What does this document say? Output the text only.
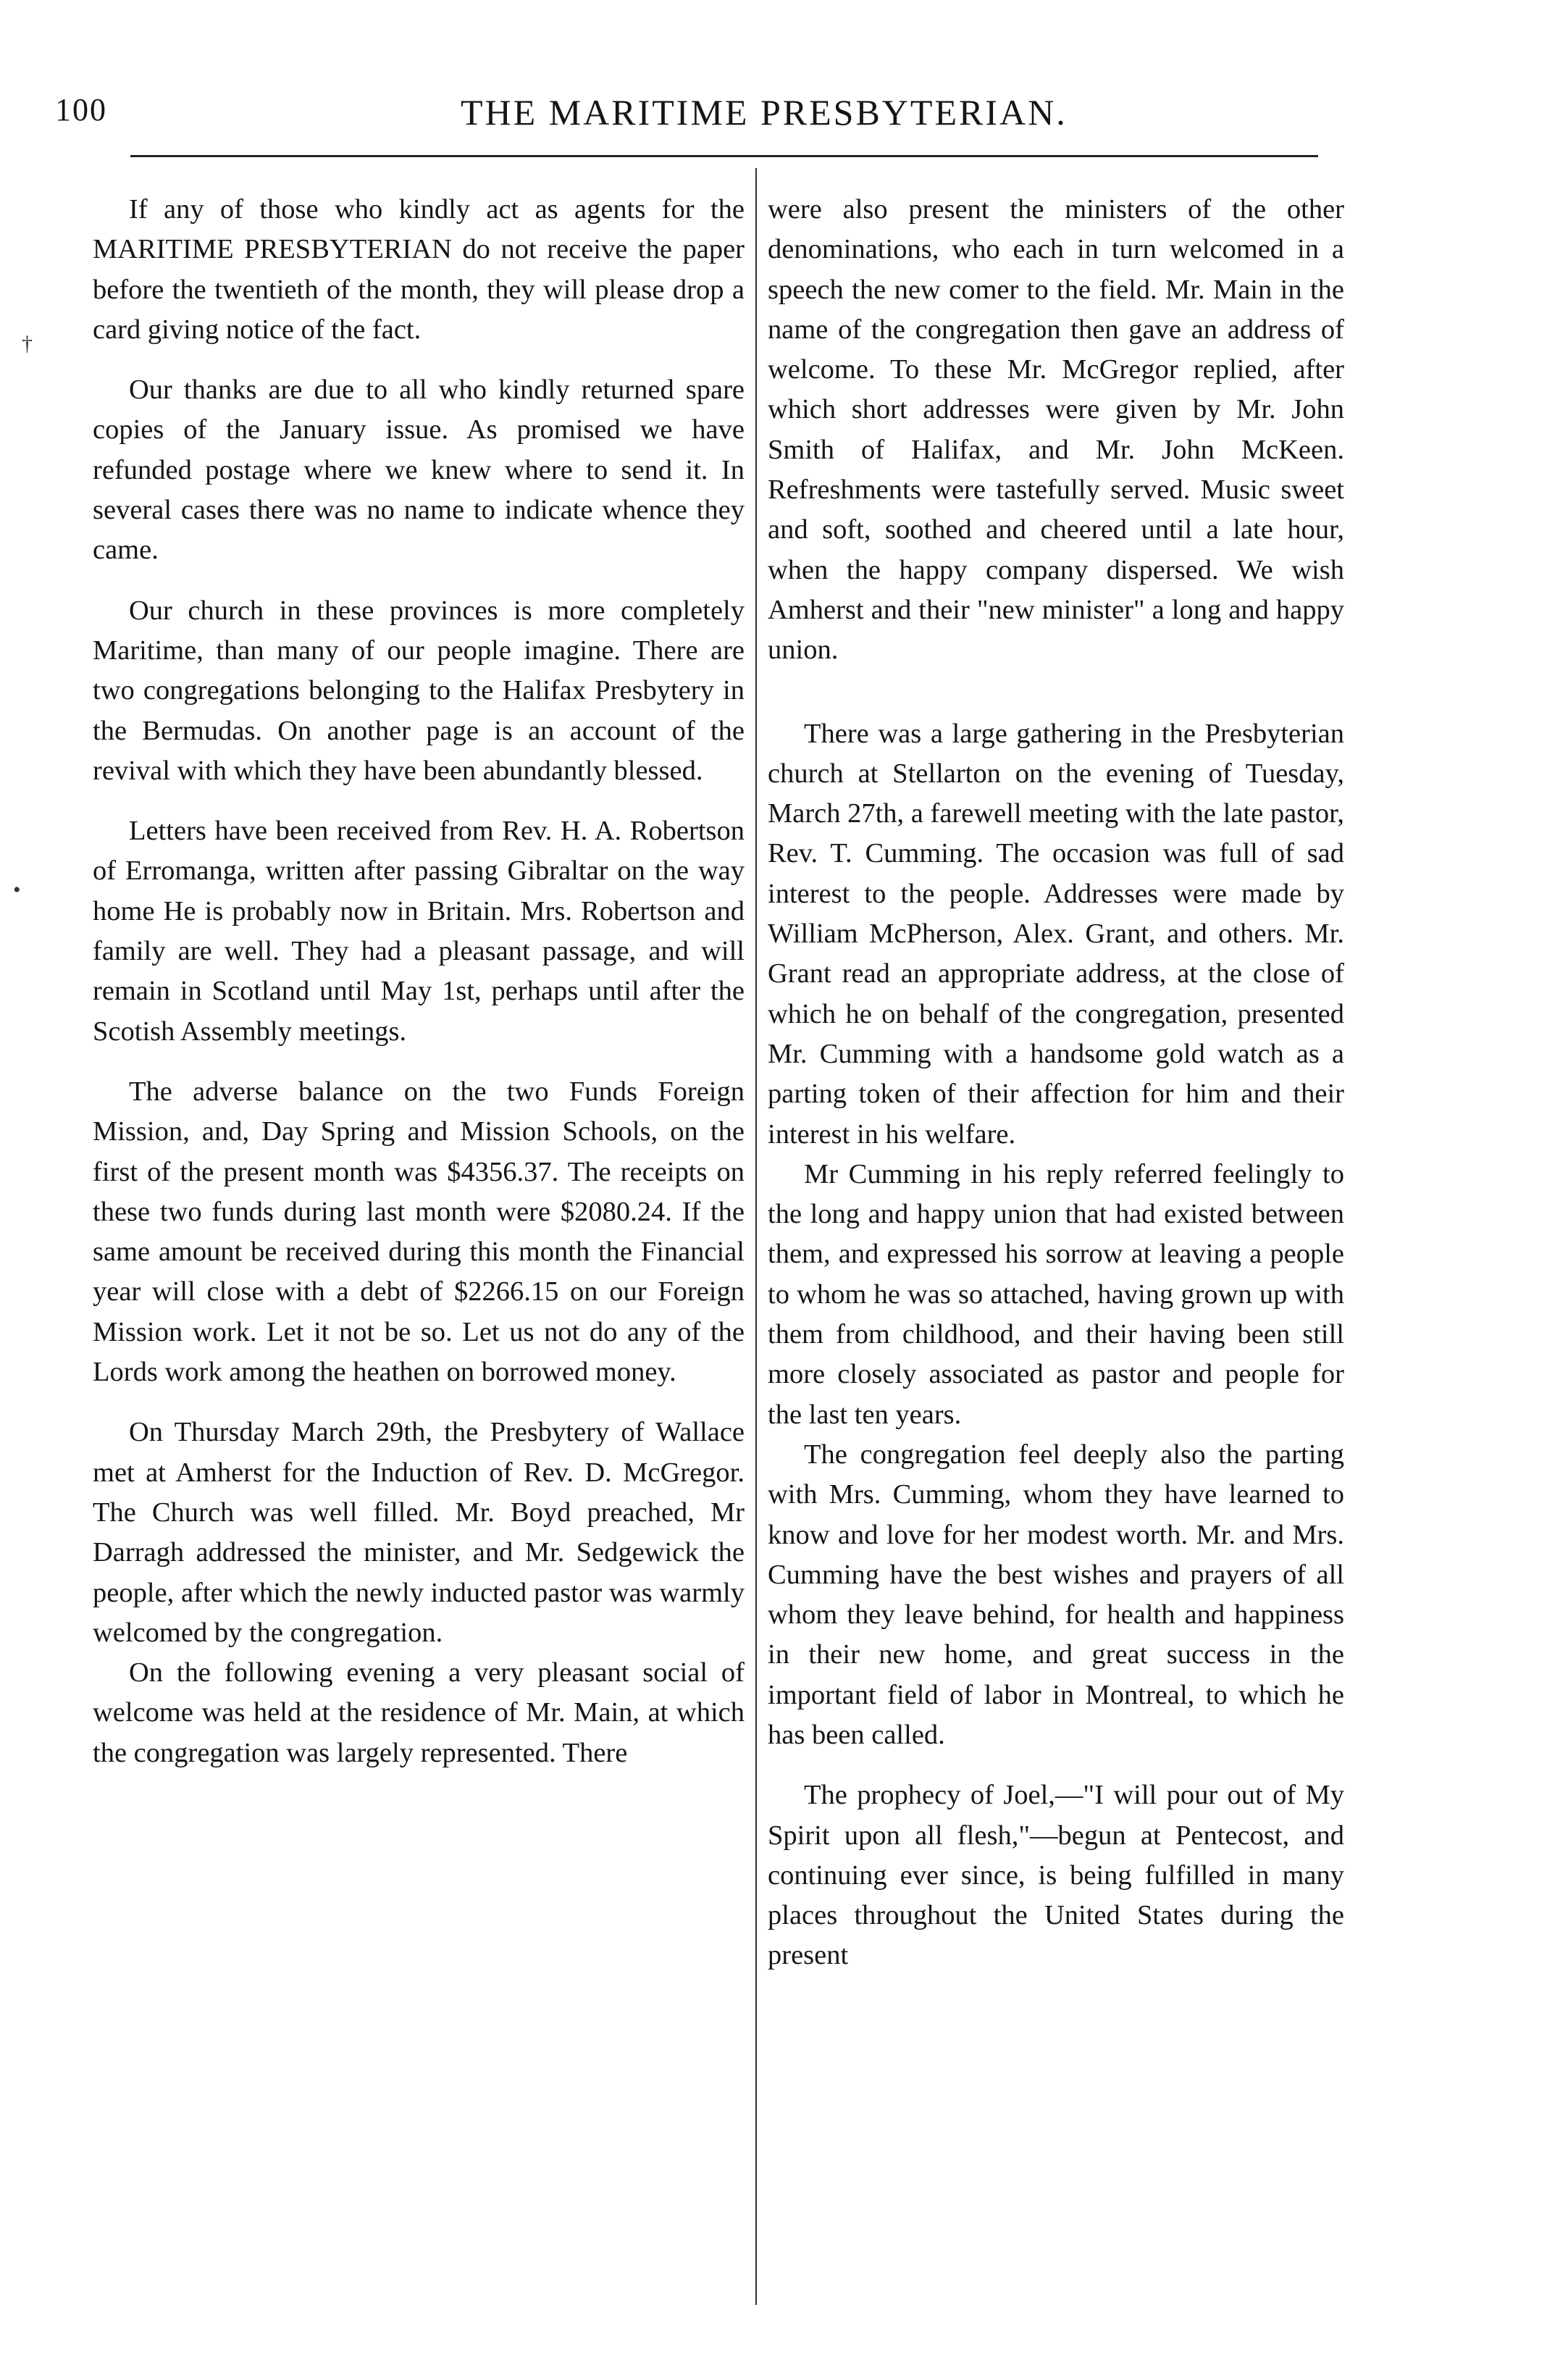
100	THE MARITIME PRESBYTERIAN.

If any of those who kindly act as agents for the MARITIME PRESBYTERIAN do not receive the paper before the twentieth of the month, they will please drop a card giving notice of the fact.

Our thanks are due to all who kindly returned spare copies of the January issue. As promised we have refunded postage where we knew where to send it. In several cases there was no name to indicate whence they came.

Our church in these provinces is more completely Maritime, than many of our people imagine. There are two congregations belonging to the Halifax Presbytery in the Bermudas. On another page is an account of the revival with which they have been abundantly blessed.

Letters have been received from Rev. H. A. Robertson of Erromanga, written after passing Gibraltar on the way home He is probably now in Britain. Mrs. Robertson and family are well. They had a pleasant passage, and will remain in Scotland until May 1st, perhaps until after the Scotish Assembly meetings.

The adverse balance on the two Funds Foreign Mission, and, Day Spring and Mission Schools, on the first of the present month was $4356.37. The receipts on these two funds during last month were $2080.24. If the same amount be received during this month the Financial year will close with a debt of $2266.15 on our Foreign Mission work. Let it not be so. Let us not do any of the Lords work among the heathen on borrowed money.

On Thursday March 29th, the Presbytery of Wallace met at Amherst for the Induction of Rev. D. McGregor. The Church was well filled. Mr. Boyd preached, Mr Darragh addressed the minister, and Mr. Sedgewick the people, after which the newly inducted pastor was warmly welcomed by the congregation.

On the following evening a very pleasant social of welcome was held at the residence of Mr. Main, at which the congregation was largely represented. There

were also present the ministers of the other denominations, who each in turn welcomed in a speech the new comer to the field. Mr. Main in the name of the congregation then gave an address of welcome. To these Mr. McGregor replied, after which short addresses were given by Mr. John Smith of Halifax, and Mr. John McKeen. Refreshments were tastefully served. Music sweet and soft, soothed and cheered until a late hour, when the happy company dispersed. We wish Amherst and their "new minister" a long and happy union.

There was a large gathering in the Presbyterian church at Stellarton on the evening of Tuesday, March 27th, a farewell meeting with the late pastor, Rev. T. Cumming. The occasion was full of sad interest to the people. Addresses were made by William McPherson, Alex. Grant, and others. Mr. Grant read an appropriate address, at the close of which he on behalf of the congregation, presented Mr. Cumming with a handsome gold watch as a parting token of their affection for him and their interest in his welfare.

Mr Cumming in his reply referred feelingly to the long and happy union that had existed between them, and expressed his sorrow at leaving a people to whom he was so attached, having grown up with them from childhood, and their having been still more closely associated as pastor and people for the last ten years.

The congregation feel deeply also the parting with Mrs. Cumming, whom they have learned to know and love for her modest worth. Mr. and Mrs. Cumming have the best wishes and prayers of all whom they leave behind, for health and happiness in their new home, and great success in the important field of labor in Montreal, to which he has been called.

The prophecy of Joel,—"I will pour out of My Spirit upon all flesh,"—begun at Pentecost, and continuing ever since, is being fulfilled in many places throughout the United States during the present

†
•
